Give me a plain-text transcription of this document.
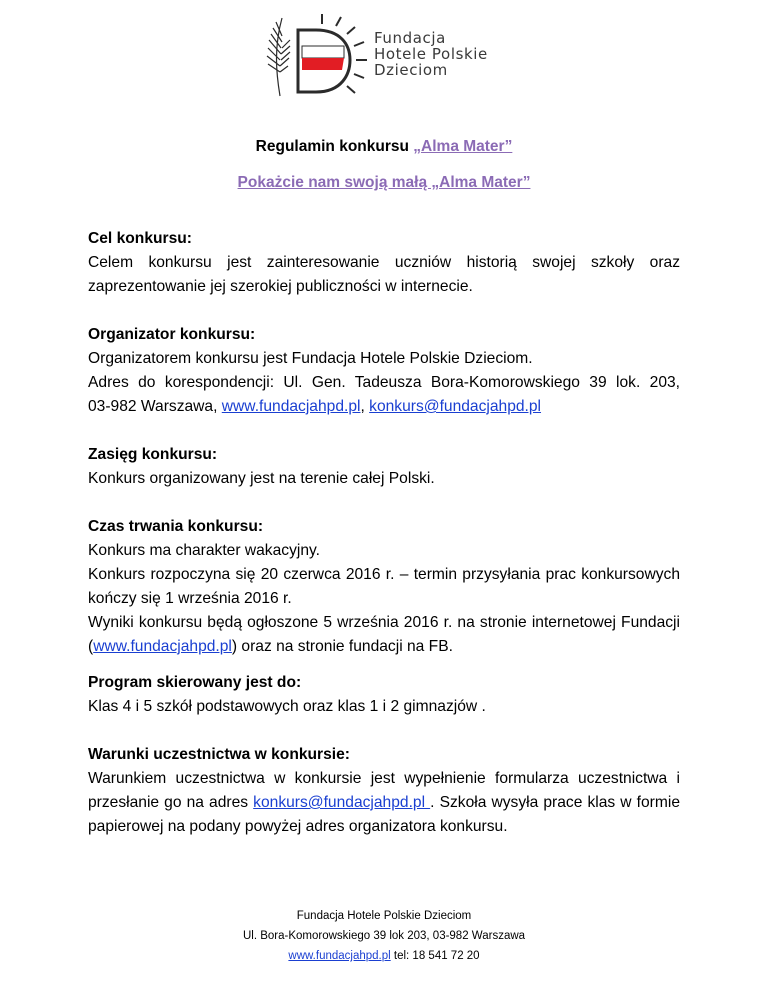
Fundacja
Hotele Polskie
Dzieciom
Regulamin konkursu „Alma Mater”
Pokażcie nam swoją małą „Alma Mater”
Cel konkursu:

Celem konkursu jest zainteresowanie uczniów historią swojej szkoły oraz zaprezentowanie jej szerokiej publiczności w internecie.

Organizator konkursu:
Organizatorem konkursu jest Fundacja Hotele Polskie Dzieciom.
Adres do korespondencji: Ul. Gen. Tadeusza Bora-Komorowskiego 39 lok. 203,
03-982 Warszawa, www.fundacjahpd.pl, konkurs@fundacjahpd.pl
Zasięg konkursu:
Konkurs organizowany jest na terenie całej Polski.
Czas trwania konkursu:
Konkurs ma charakter wakacyjny.

Konkurs rozpoczyna się 20 czerwca 2016 r. – termin przysyłania prac konkursowych kończy się 1 września 2016 r.

Wyniki konkursu będą ogłoszone 5 września 2016 r. na stronie internetowej Fundacji (www.fundacjahpd.pl) oraz na stronie fundacji na FB.

Program skierowany jest do:
Klas 4 i 5 szkół podstawowych oraz klas 1 i 2 gimnazjów .
Warunki uczestnictwa w konkursie:

Warunkiem uczestnictwa w konkursie jest wypełnienie formularza uczestnictwa i przesłanie go na adres konkurs@fundacjahpd.pl . Szkoła wysyła prace klas w formie papierowej na podany powyżej adres organizatora konkursu.

Fundacja Hotele Polskie Dzieciom
Ul. Bora-Komorowskiego 39 lok 203, 03-982 Warszawa
www.fundacjahpd.pl tel: 18 541 72 20
